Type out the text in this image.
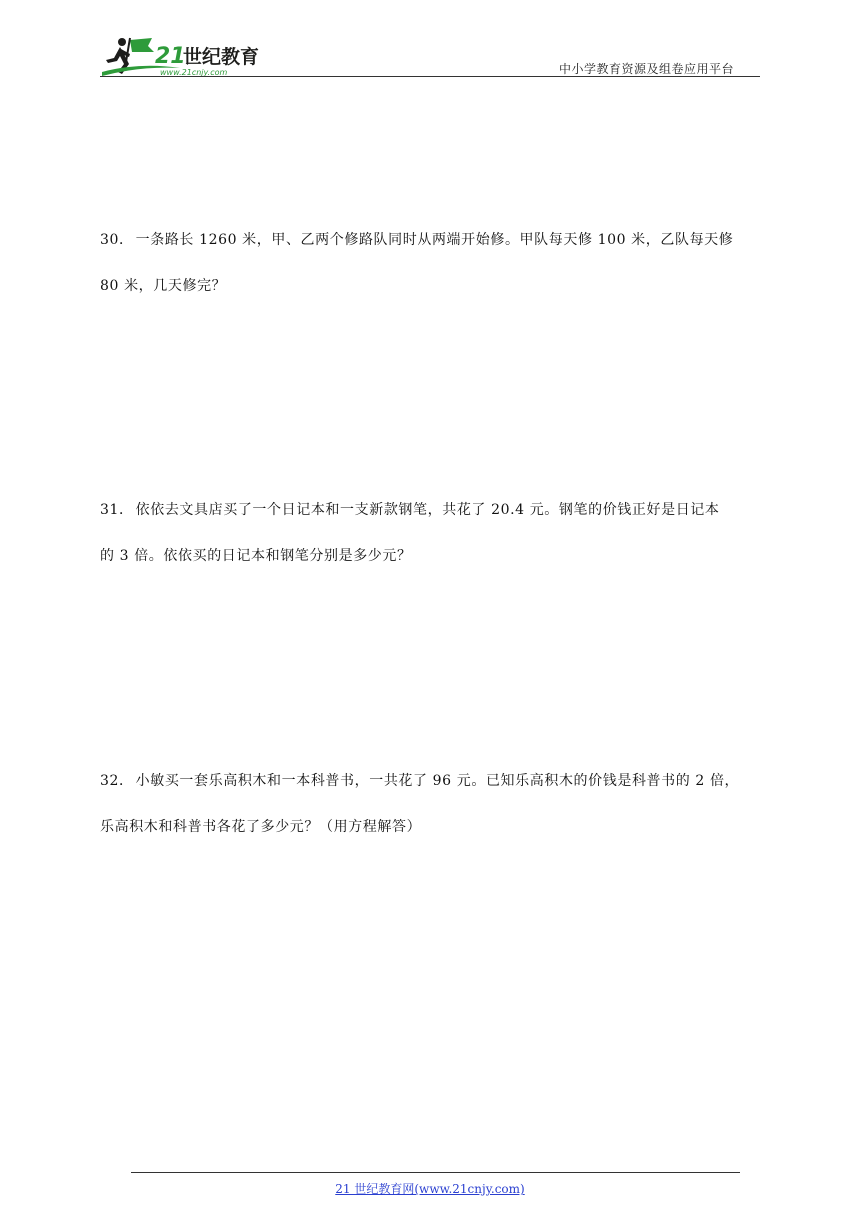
21
世纪教育
www.21cnjy.com	中小学教育资源及组卷应用平台
30． 一条路长 1260 米，甲、乙两个修路队同时从两端开始修。甲队每天修 100 米，乙队每天修
80 米，几天修完？
31． 依依去文具店买了一个日记本和一支新款钢笔，共花了 20.4 元。钢笔的价钱正好是日记本
的 3 倍。依依买的日记本和钢笔分别是多少元？
32． 小敏买一套乐高积木和一本科普书，一共花了 96 元。已知乐高积木的价钱是科普书的 2 倍，
乐高积木和科普书各花了多少元？（用方程解答）
21 世纪教育网(www.21cnjy.com)
